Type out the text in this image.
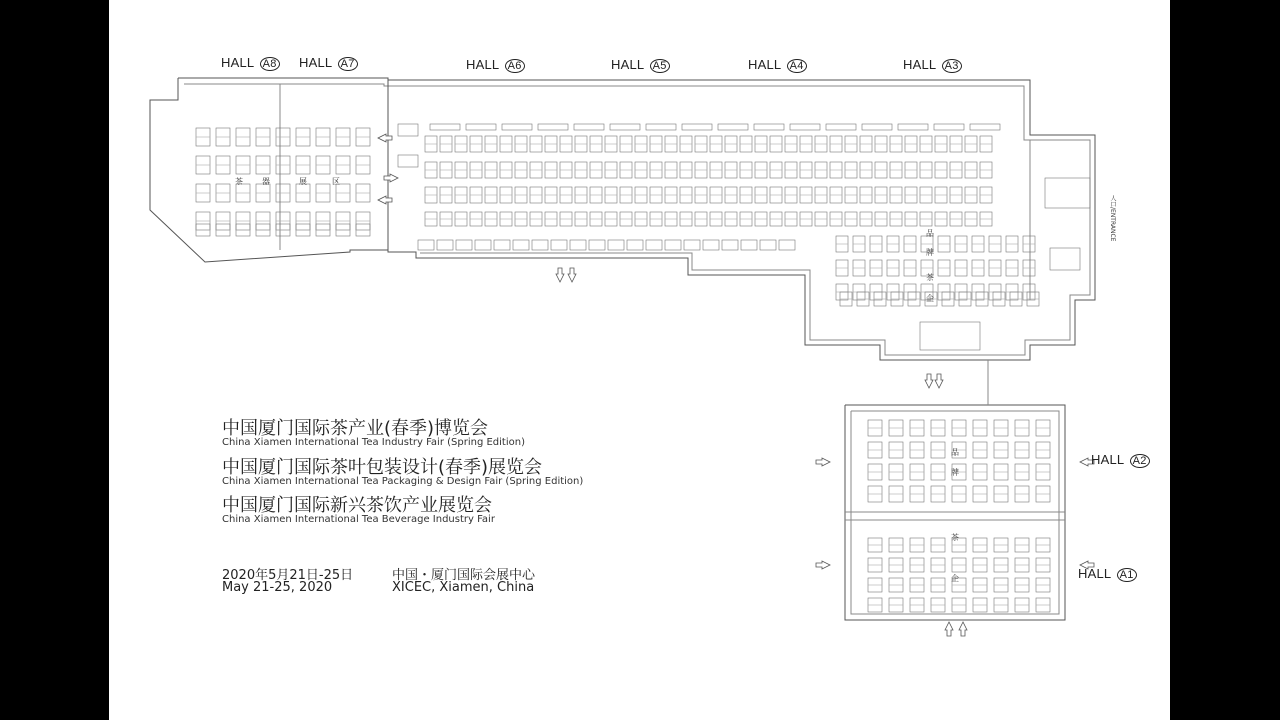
HALL A8 HALL A7	HALL A6	HALL A5	HALL A4	HALL A3
HALL A2
HALL A1
茶 器	展	区
品
牌
茶
企
品
牌
茶
企
人口/ENTRANCE
中国厦门国际茶产业(春季)博览会
China Xiamen International Tea Industry Fair (Spring Edition)
中国厦门国际茶叶包装设计(春季)展览会
China Xiamen International Tea Packaging & Design Fair (Spring Edition)
中国厦门国际新兴茶饮产业展览会
China Xiamen International Tea Beverage Industry Fair
2020年5月21日-25日
May 21-25, 2020
中国・厦门国际会展中心
XICEC, Xiamen, China
